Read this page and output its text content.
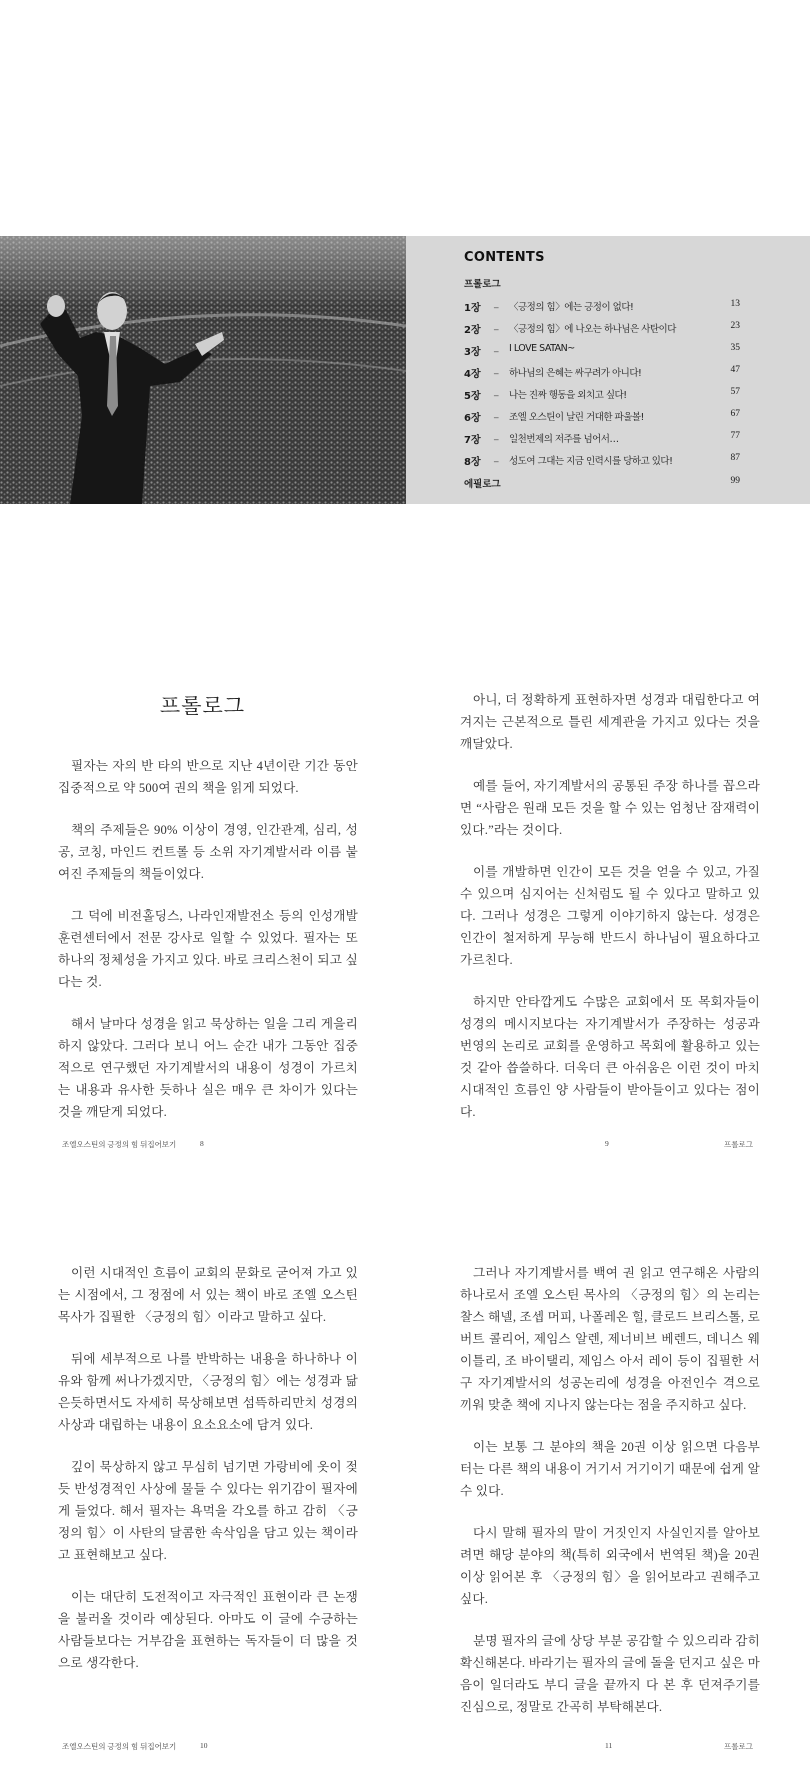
CONTENTS
프롤로그
1장 _ 〈긍정의 힘〉에는 긍정이 없다!	13
2장 _ 〈긍정의 힘〉에 나오는 하나님은 사탄이다	23
3장 _ I LOVE SATAN~	35
4장 _ 하나님의 은혜는 싸구려가 아니다!	47
5장 _ 나는 진짜 행동을 외치고 싶다!	57
6장 _ 조엘 오스틴이 날린 거대한 파울볼!	67
7장 _ 일천번제의 저주를 넘어서…	77
8장 _ 성도여 그대는 지금 인력시를 당하고 있다!	87
에필로그	99
프롤로그

필자는 자의 반 타의 반으로 지난 4년이란 기간 동안 집중적으로 약 500여 권의 책을 읽게 되었다.

책의 주제들은 90% 이상이 경영, 인간관계, 심리, 성공, 코칭, 마인드 컨트롤 등 소위 자기계발서라 이름 붙여진 주제들의 책들이었다.

그 덕에 비전홀딩스, 나라인재발전소 등의 인성개발 훈련센터에서 전문 강사로 일할 수 있었다. 필자는 또 하나의 정체성을 가지고 있다. 바로 크리스천이 되고 싶다는 것.

해서 날마다 성경을 읽고 묵상하는 일을 그리 게을리하지 않았다. 그러다 보니 어느 순간 내가 그동안 집중적으로 연구했던 자기계발서의 내용이 성경이 가르치는 내용과 유사한 듯하나 실은 매우 큰 차이가 있다는 것을 깨닫게 되었다.

아니, 더 정확하게 표현하자면 성경과 대립한다고 여겨지는 근본적으로 틀린 세계관을 가지고 있다는 것을 깨달았다.

예를 들어, 자기계발서의 공통된 주장 하나를 꼽으라면 “사람은 원래 모든 것을 할 수 있는 엄청난 잠재력이 있다.”라는 것이다.

이를 개발하면 인간이 모든 것을 얻을 수 있고, 가질 수 있으며 심지어는 신처럼도 될 수 있다고 말하고 있다. 그러나 성경은 그렇게 이야기하지 않는다. 성경은 인간이 철저하게 무능해 반드시 하나님이 필요하다고 가르친다.

하지만 안타깝게도 수많은 교회에서 또 목회자들이 성경의 메시지보다는 자기계발서가 주장하는 성공과 번영의 논리로 교회를 운영하고 목회에 활용하고 있는 것 같아 씁쓸하다. 더욱더 큰 아쉬움은 이런 것이 마치 시대적인 흐름인 양 사람들이 받아들이고 있다는 점이다.

조엘오스틴의 긍정의 힘 뒤집어보기	8	9	프롤로그

이런 시대적인 흐름이 교회의 문화로 굳어져 가고 있는 시점에서, 그 정점에 서 있는 책이 바로 조엘 오스틴 목사가 집필한 〈긍정의 힘〉이라고 말하고 싶다.

뒤에 세부적으로 나를 반박하는 내용을 하나하나 이유와 함께 써나가겠지만, 〈긍정의 힘〉에는 성경과 닮은듯하면서도 자세히 묵상해보면 섬뜩하리만치 성경의 사상과 대립하는 내용이 요소요소에 담겨 있다.

깊이 묵상하지 않고 무심히 넘기면 가랑비에 옷이 젖듯 반성경적인 사상에 물들 수 있다는 위기감이 필자에게 들었다. 해서 필자는 욕먹을 각오를 하고 감히 〈긍정의 힘〉이 사탄의 달콤한 속삭임을 담고 있는 책이라고 표현해보고 싶다.

이는 대단히 도전적이고 자극적인 표현이라 큰 논쟁을 불러올 것이라 예상된다. 아마도 이 글에 수긍하는 사람들보다는 거부감을 표현하는 독자들이 더 많을 것으로 생각한다.

그러나 자기계발서를 백여 권 읽고 연구해온 사람의 하나로서 조엘 오스틴 목사의 〈긍정의 힘〉의 논리는 찰스 해넬, 조셉 머피, 나폴레온 힐, 클로드 브리스톨, 로버트 콜리어, 제임스 알렌, 제너비브 베렌드, 데니스 웨이틀리, 조 바이탤리, 제임스 아서 레이 등이 집필한 서구 자기계발서의 성공논리에 성경을 아전인수 격으로 끼워 맞춘 책에 지나지 않는다는 점을 주지하고 싶다.

이는 보통 그 분야의 책을 20권 이상 읽으면 다음부터는 다른 책의 내용이 거기서 거기이기 때문에 쉽게 알 수 있다.

다시 말해 필자의 말이 거짓인지 사실인지를 알아보려면 해당 분야의 책(특히 외국에서 번역된 책)을 20권 이상 읽어본 후 〈긍정의 힘〉을 읽어보라고 권해주고 싶다.

분명 필자의 글에 상당 부분 공감할 수 있으리라 감히 확신해본다. 바라기는 필자의 글에 돌을 던지고 싶은 마음이 일더라도 부디 글을 끝까지 다 본 후 던져주기를 진심으로, 정말로 간곡히 부탁해본다.

조엘오스틴의 긍정의 힘 뒤집어보기	10	11	프롤로그
